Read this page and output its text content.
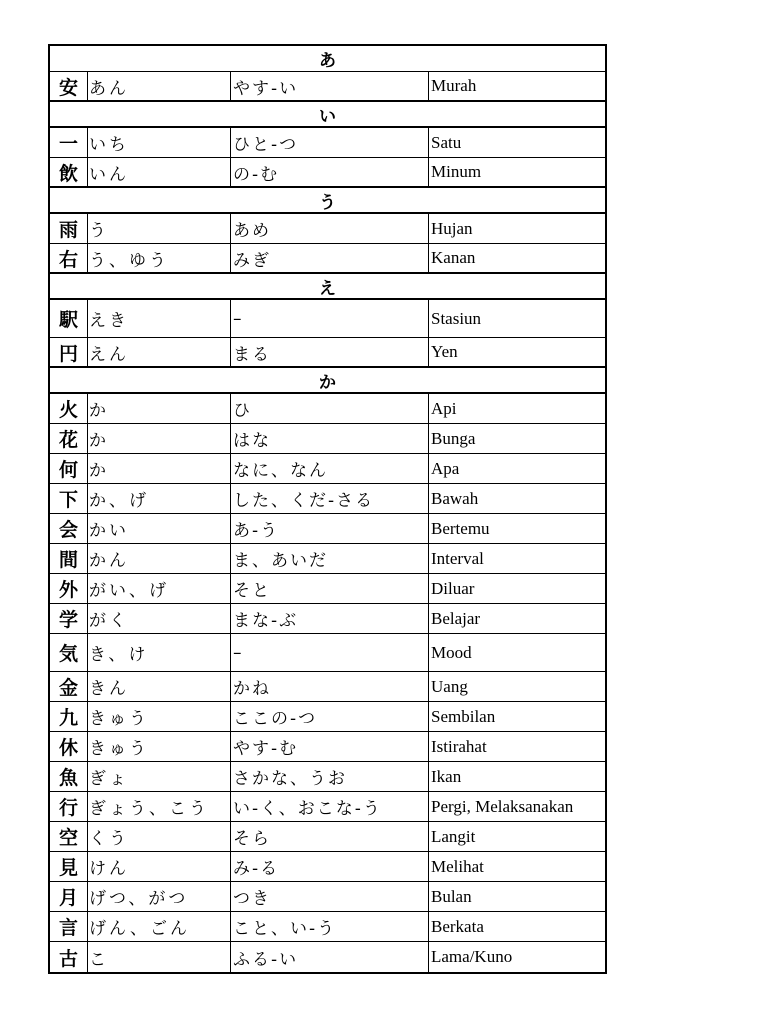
あ
安 あん	やす-い	Murah
い
一 いち	ひと-つ	Satu
飲 いん	の-む	Minum
う
雨 う	あめ	Hujan
右 う、ゆう	みぎ	Kanan
え
駅 えき	–	Stasiun
円 えん	まる	Yen
か
火 か	ひ	Api
花 か	はな	Bunga
何 か	なに、なん	Apa
下 か、げ	した、くだ-さる	Bawah
会 かい	あ-う	Bertemu
間 かん	ま、あいだ	Interval
外 がい、げ	そと	Diluar
学 がく	まな-ぶ	Belajar
気 き、け	–	Mood
金 きん	かね	Uang
九 きゅう	ここの-つ	Sembilan
休 きゅう	やす-む	Istirahat
魚 ぎょ	さかな、うお	Ikan
行 ぎょう、こう	い-く、おこな-う	Pergi, Melaksanakan
空 くう	そら	Langit
見 けん	み-る	Melihat
月 げつ、がつ	つき	Bulan
言 げん、ごん	こと、い-う	Berkata
古 こ	ふる-い	Lama/Kuno
